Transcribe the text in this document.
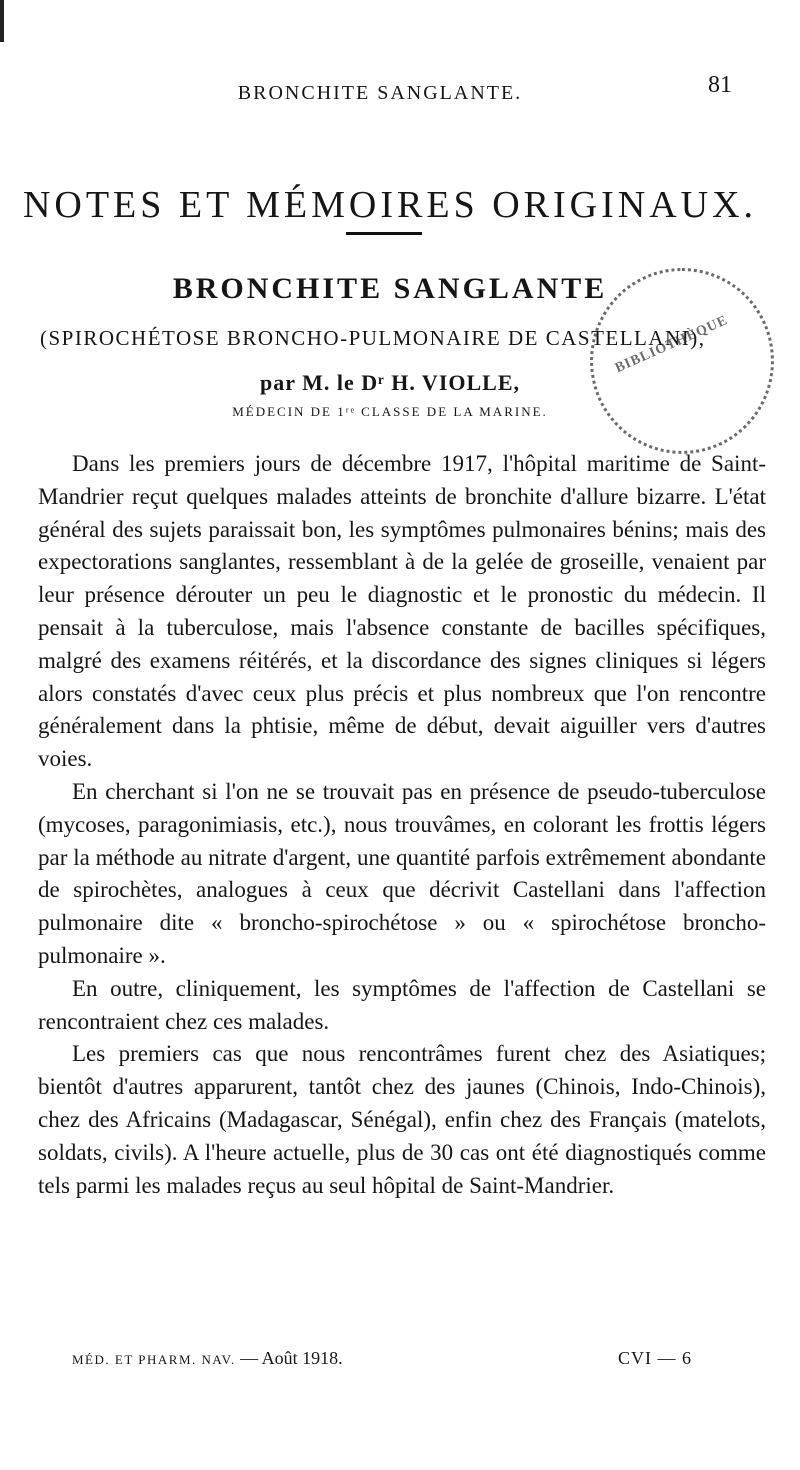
BRONCHITE SANGLANTE.	81
NOTES ET MÉMOIRES ORIGINAUX.
BRONCHITE SANGLANTE
(SPIROCHÉTOSE BRONCHO-PULMONAIRE DE CASTELLANI),
par M. le Dʳ H. VIOLLE,
MÉDECIN DE 1ʳᵉ CLASSE DE LA MARINE.
BIBLIOTHÈQUE

Dans les premiers jours de décembre 1917, l'hôpital maritime de Saint-Mandrier reçut quelques malades atteints de bronchite d'allure bizarre. L'état général des sujets paraissait bon, les symptômes pulmonaires bénins; mais des expectorations sanglantes, ressemblant à de la gelée de groseille, venaient par leur présence dérouter un peu le diagnostic et le pronostic du médecin. Il pensait à la tuberculose, mais l'absence constante de bacilles spécifiques, malgré des examens réitérés, et la discordance des signes cliniques si légers alors constatés d'avec ceux plus précis et plus nombreux que l'on rencontre généralement dans la phtisie, même de début, devait aiguiller vers d'autres voies.

En cherchant si l'on ne se trouvait pas en présence de pseudo-tuberculose (mycoses, paragonimiasis, etc.), nous trouvâmes, en colorant les frottis légers par la méthode au nitrate d'argent, une quantité parfois extrêmement abondante de spirochètes, analogues à ceux que décrivit Castellani dans l'affection pulmonaire dite « broncho-spirochétose » ou « spirochétose broncho-pulmonaire ».

En outre, cliniquement, les symptômes de l'affection de Castellani se rencontraient chez ces malades.

Les premiers cas que nous rencontrâmes furent chez des Asiatiques; bientôt d'autres apparurent, tantôt chez des jaunes (Chinois, Indo-Chinois), chez des Africains (Madagascar, Sénégal), enfin chez des Français (matelots, soldats, civils). A l'heure actuelle, plus de 30 cas ont été diagnostiqués comme tels parmi les malades reçus au seul hôpital de Saint-Mandrier.

MÉD. ET PHARM. NAV. — Août 1918.	CVI — 6
